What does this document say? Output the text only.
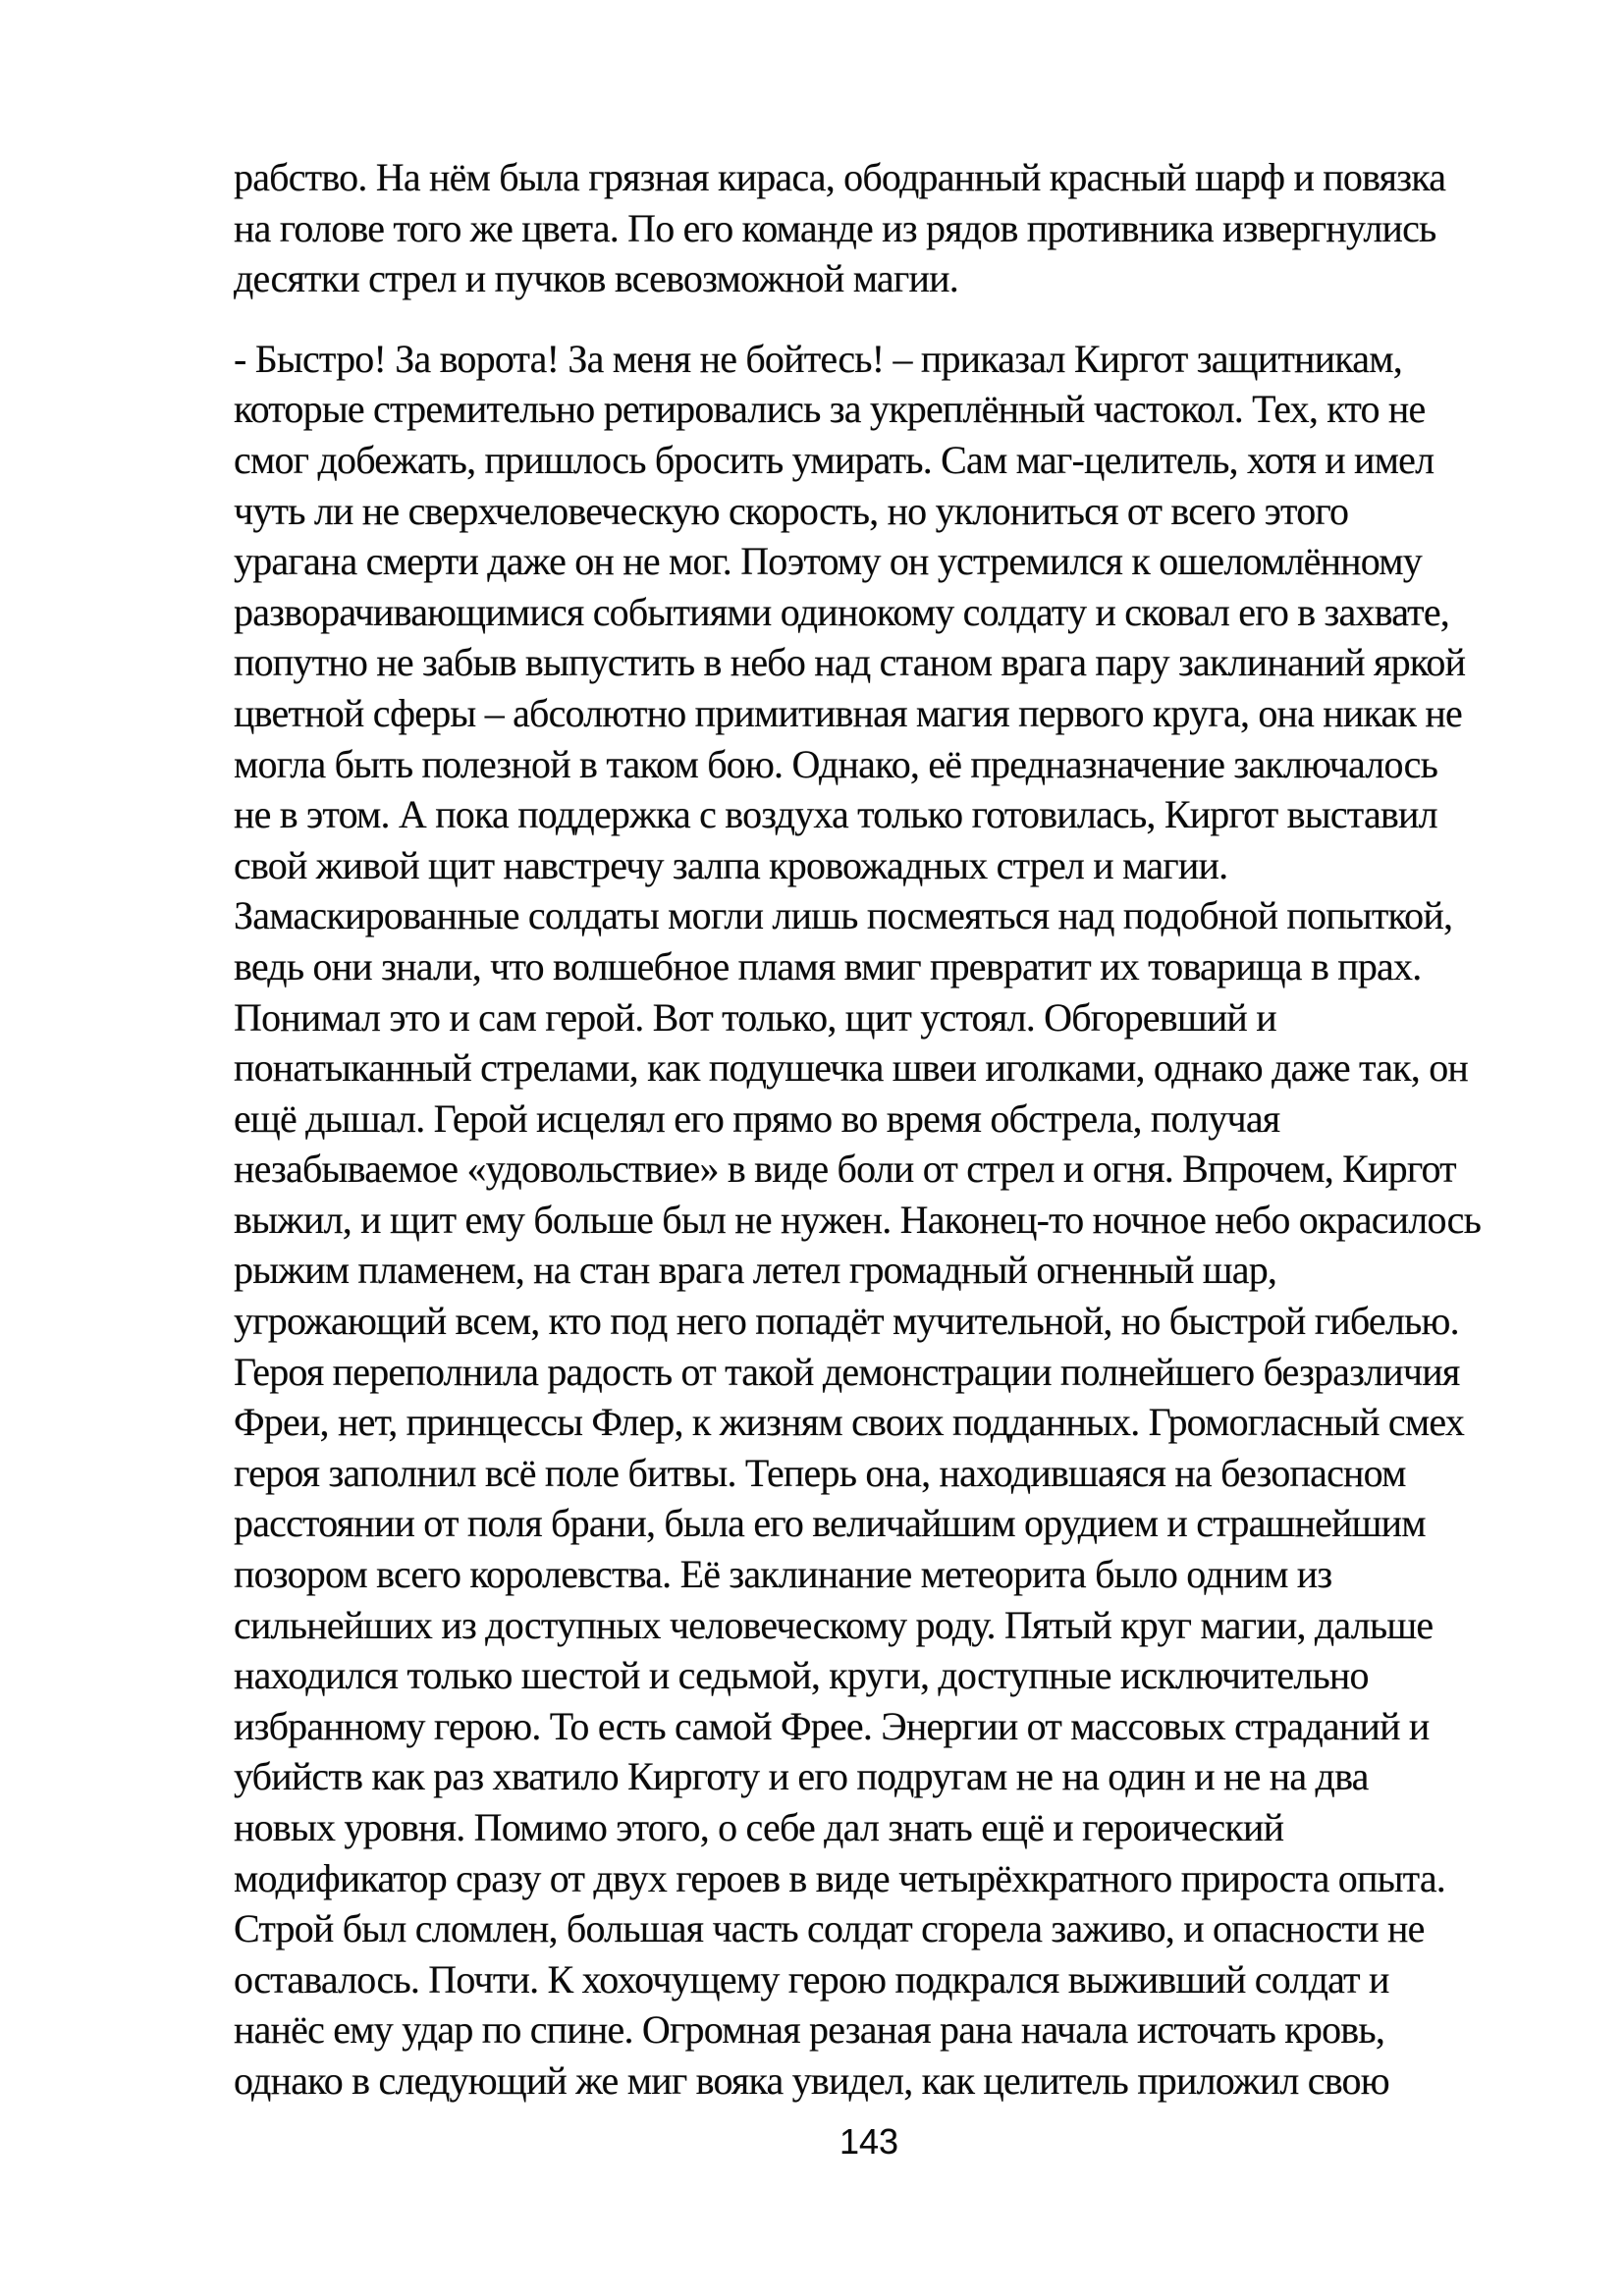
рабство. На нём была грязная кираса, ободранный красный шарф и повязка
на голове того же цвета. По его команде из рядов противника извергнулись
десятки стрел и пучков всевозможной магии.
- Быстро! За ворота! За меня не бойтесь! – приказал Киргот защитникам,
которые стремительно ретировались за укреплённый частокол. Тех, кто не
смог добежать, пришлось бросить умирать. Сам маг-целитель, хотя и имел
чуть ли не сверхчеловеческую скорость, но уклониться от всего этого
урагана смерти даже он не мог. Поэтому он устремился к ошеломлённому
разворачивающимися событиями одинокому солдату и сковал его в захвате,
попутно не забыв выпустить в небо над станом врага пару заклинаний яркой
цветной сферы – абсолютно примитивная магия первого круга, она никак не
могла быть полезной в таком бою. Однако, её предназначение заключалось
не в этом. А пока поддержка с воздуха только готовилась, Киргот выставил
свой живой щит навстречу залпа кровожадных стрел и магии.
Замаскированные солдаты могли лишь посмеяться над подобной попыткой,
ведь они знали, что волшебное пламя вмиг превратит их товарища в прах.
Понимал это и сам герой. Вот только, щит устоял. Обгоревший и
понатыканный стрелами, как подушечка швеи иголками, однако даже так, он
ещё дышал. Герой исцелял его прямо во время обстрела, получая
незабываемое «удовольствие» в виде боли от стрел и огня. Впрочем, Киргот
выжил, и щит ему больше был не нужен. Наконец-то ночное небо окрасилось
рыжим пламенем, на стан врага летел громадный огненный шар,
угрожающий всем, кто под него попадёт мучительной, но быстрой гибелью.
Героя переполнила радость от такой демонстрации полнейшего безразличия
Фреи, нет, принцессы Флер, к жизням своих подданных. Громогласный смех
героя заполнил всё поле битвы. Теперь она, находившаяся на безопасном
расстоянии от поля брани, была его величайшим орудием и страшнейшим
позором всего королевства. Её заклинание метеорита было одним из
сильнейших из доступных человеческому роду. Пятый круг магии, дальше
находился только шестой и седьмой, круги, доступные исключительно
избранному герою. То есть самой Фрее. Энергии от массовых страданий и
убийств как раз хватило Кирготу и его подругам не на один и не на два
новых уровня. Помимо этого, о себе дал знать ещё и героический
модификатор сразу от двух героев в виде четырёхкратного прироста опыта.
Строй был сломлен, большая часть солдат сгорела заживо, и опасности не
оставалось. Почти. К хохочущему герою подкрался выживший солдат и
нанёс ему удар по спине. Огромная резаная рана начала источать кровь,
однако в следующий же миг вояка увидел, как целитель приложил свою
143
